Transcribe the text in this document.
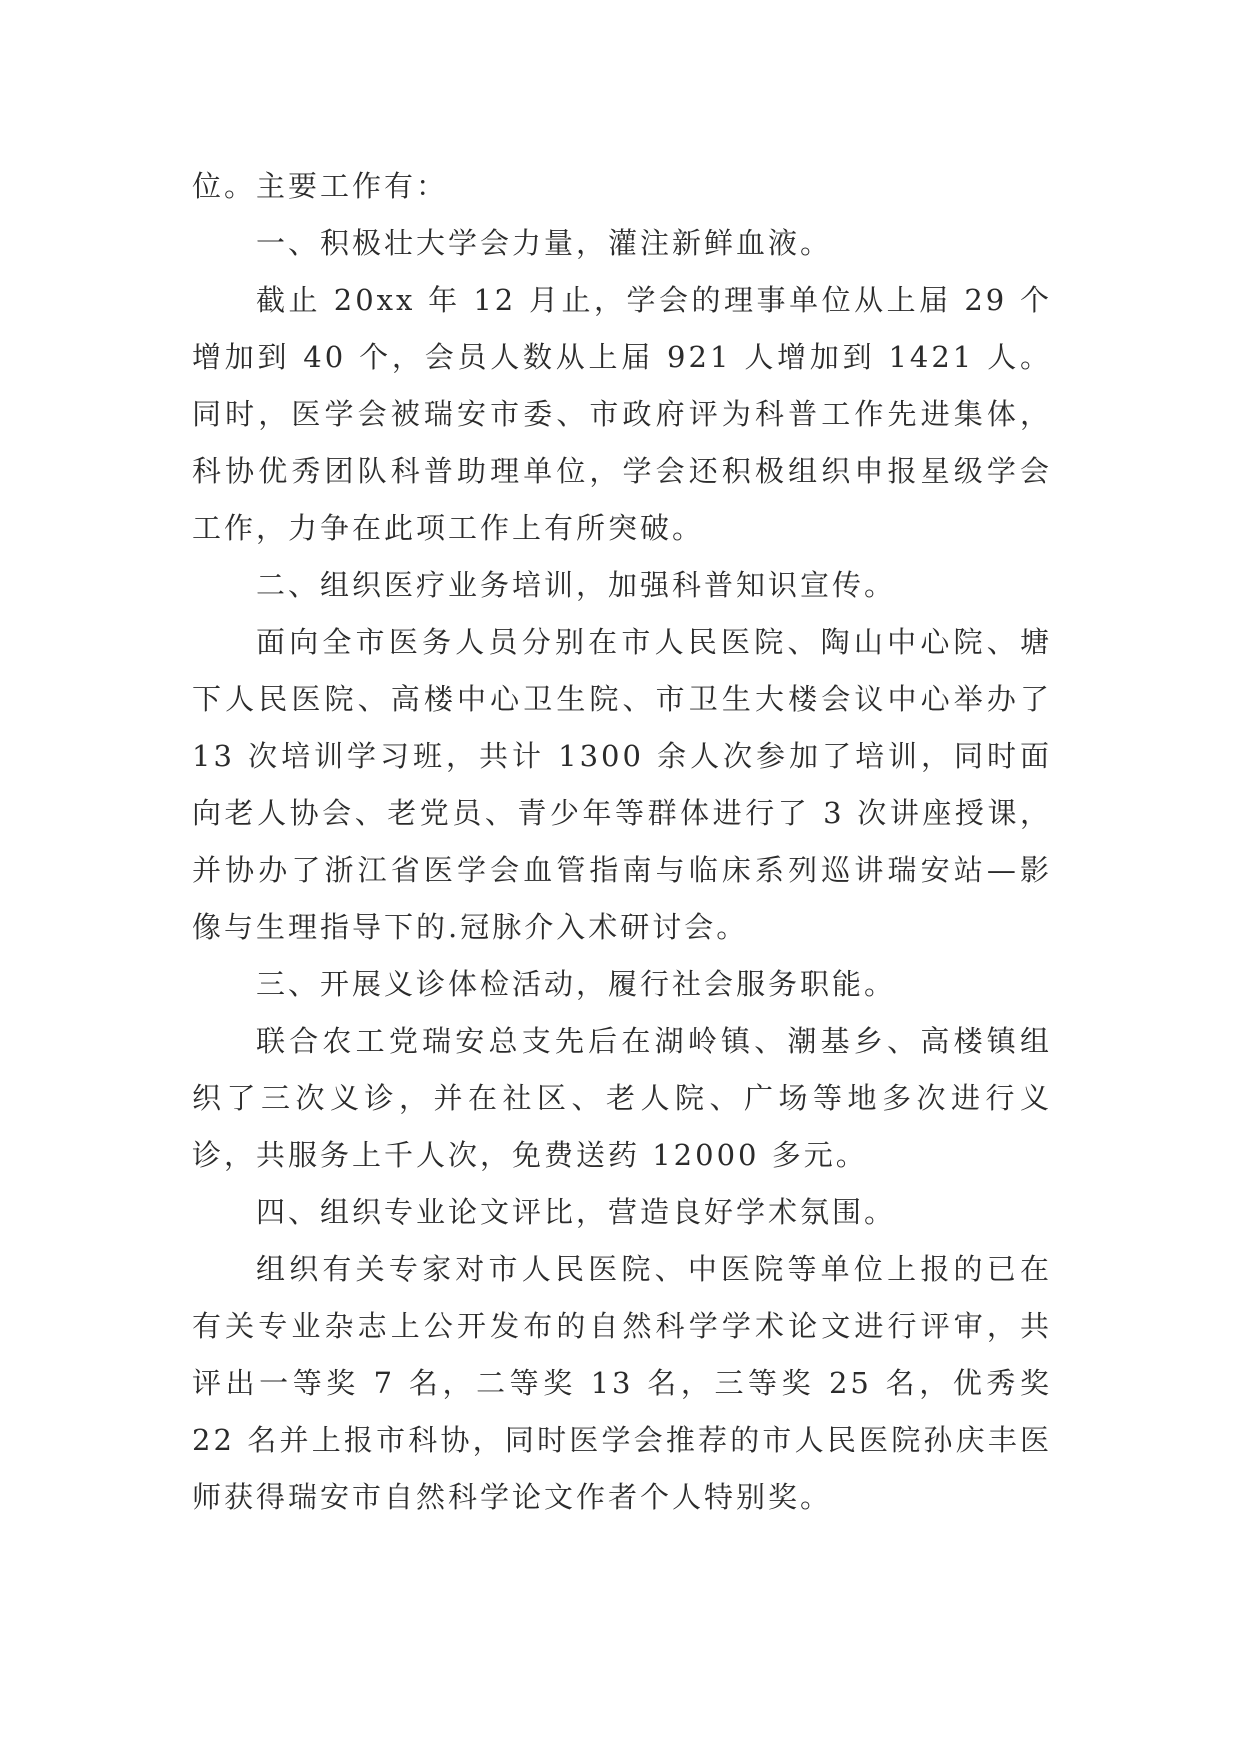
位。主要工作有：

一、积极壮大学会力量，灌注新鲜血液。

截止 20xx 年 12 月止，学会的理事单位从上届 29 个增加到 40 个，会员人数从上届 921 人增加到 1421 人。同时，医学会被瑞安市委、市政府评为科普工作先进集体，科协优秀团队科普助理单位，学会还积极组织申报星级学会工作，力争在此项工作上有所突破。

二、组织医疗业务培训，加强科普知识宣传。

面向全市医务人员分别在市人民医院、陶山中心院、塘下人民医院、高楼中心卫生院、市卫生大楼会议中心举办了 13 次培训学习班，共计 1300 余人次参加了培训，同时面向老人协会、老党员、青少年等群体进行了 3 次讲座授课，并协办了浙江省医学会血管指南与临床系列巡讲瑞安站—影像与生理指导下的.冠脉介入术研讨会。

三、开展义诊体检活动，履行社会服务职能。

联合农工党瑞安总支先后在湖岭镇、潮基乡、高楼镇组织了三次义诊，并在社区、老人院、广场等地多次进行义诊，共服务上千人次，免费送药 12000 多元。

四、组织专业论文评比，营造良好学术氛围。

组织有关专家对市人民医院、中医院等单位上报的已在有关专业杂志上公开发布的自然科学学术论文进行评审，共评出一等奖 7 名，二等奖 13 名，三等奖 25 名，优秀奖 22 名并上报市科协，同时医学会推荐的市人民医院孙庆丰医师获得瑞安市自然科学论文作者个人特别奖。
